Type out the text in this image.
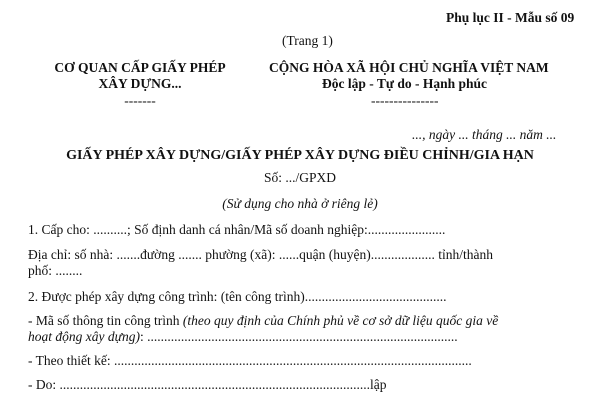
Phụ lục II - Mẫu số 09
(Trang 1)
CƠ QUAN CẤP GIẤY PHÉP
XÂY DỰNG...
-------
CỘNG HÒA XÃ HỘI CHỦ NGHĨA VIỆT NAM
Độc lập - Tự do - Hạnh phúc
---------------
..., ngày ... tháng ... năm ...
GIẤY PHÉP XÂY DỰNG/GIẤY PHÉP XÂY DỰNG ĐIỀU CHỈNH/GIA HẠN
Số: .../GPXD
(Sử dụng cho nhà ở riêng lẻ)
1. Cấp cho: ..........; Số định danh cá nhân/Mã số doanh nghiệp:.......................
Địa chỉ: số nhà: .......đường ....... phường (xã): ......quận (huyện)................... tỉnh/thành
phố: ........
2. Được phép xây dựng công trình: (tên công trình)..........................................
- Mã số thông tin công trình (theo quy định của Chính phủ về cơ sở dữ liệu quốc gia về
hoạt động xây dựng): ............................................................................................
- Theo thiết kế: ..........................................................................................................
- Do: ............................................................................................lập
